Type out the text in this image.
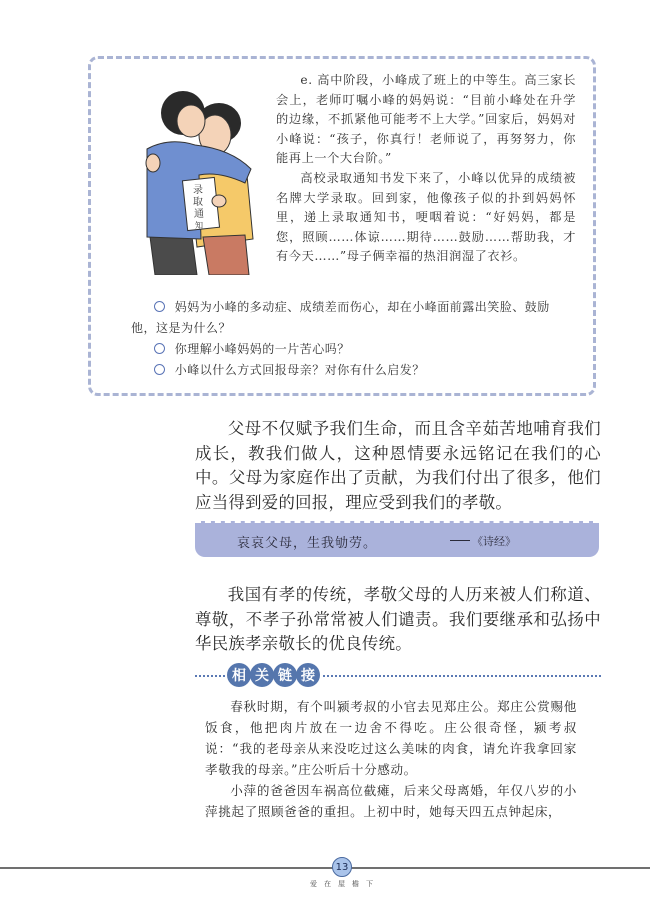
录
取
通
知

e. 高中阶段，小峰成了班上的中等生。高三家长会上，老师叮嘱小峰的妈妈说：“目前小峰处在升学的边缘，不抓紧他可能考不上大学。”回家后，妈妈对小峰说：“孩子，你真行！老师说了，再努努力，你能再上一个大台阶。”

高校录取通知书发下来了，小峰以优异的成绩被名牌大学录取。回到家，他像孩子似的扑到妈妈怀里，递上录取通知书，哽咽着说：“好妈妈，都是您，照顾……体谅……期待……鼓励……帮助我，才有今天……”母子俩幸福的热泪润湿了衣衫。

妈妈为小峰的多动症、成绩差而伤心，却在小峰面前露出笑脸、鼓励他，这是为什么？

你理解小峰妈妈的一片苦心吗？

小峰以什么方式回报母亲？对你有什么启发？

父母不仅赋予我们生命，而且含辛茹苦地哺育我们成长，教我们做人，这种恩情要永远铭记在我们的心中。父母为家庭作出了贡献，为我们付出了很多，他们应当得到爱的回报，理应受到我们的孝敬。

哀哀父母，生我劬劳。	《诗经》

我国有孝的传统，孝敬父母的人历来被人们称道、尊敬，不孝子孙常常被人们谴责。我们要继承和弘扬中华民族孝亲敬长的优良传统。

相 关 链 接

春秋时期，有个叫颍考叔的小官去见郑庄公。郑庄公赏赐他饭食，他把肉片放在一边舍不得吃。庄公很奇怪，颍考叔说：“我的老母亲从来没吃过这么美味的肉食，请允许我拿回家孝敬我的母亲。”庄公听后十分感动。

小萍的爸爸因车祸高位截瘫，后来父母离婚，年仅八岁的小萍挑起了照顾爸爸的重担。上初中时，她每天四五点钟起床，

13
爱在屋檐下
